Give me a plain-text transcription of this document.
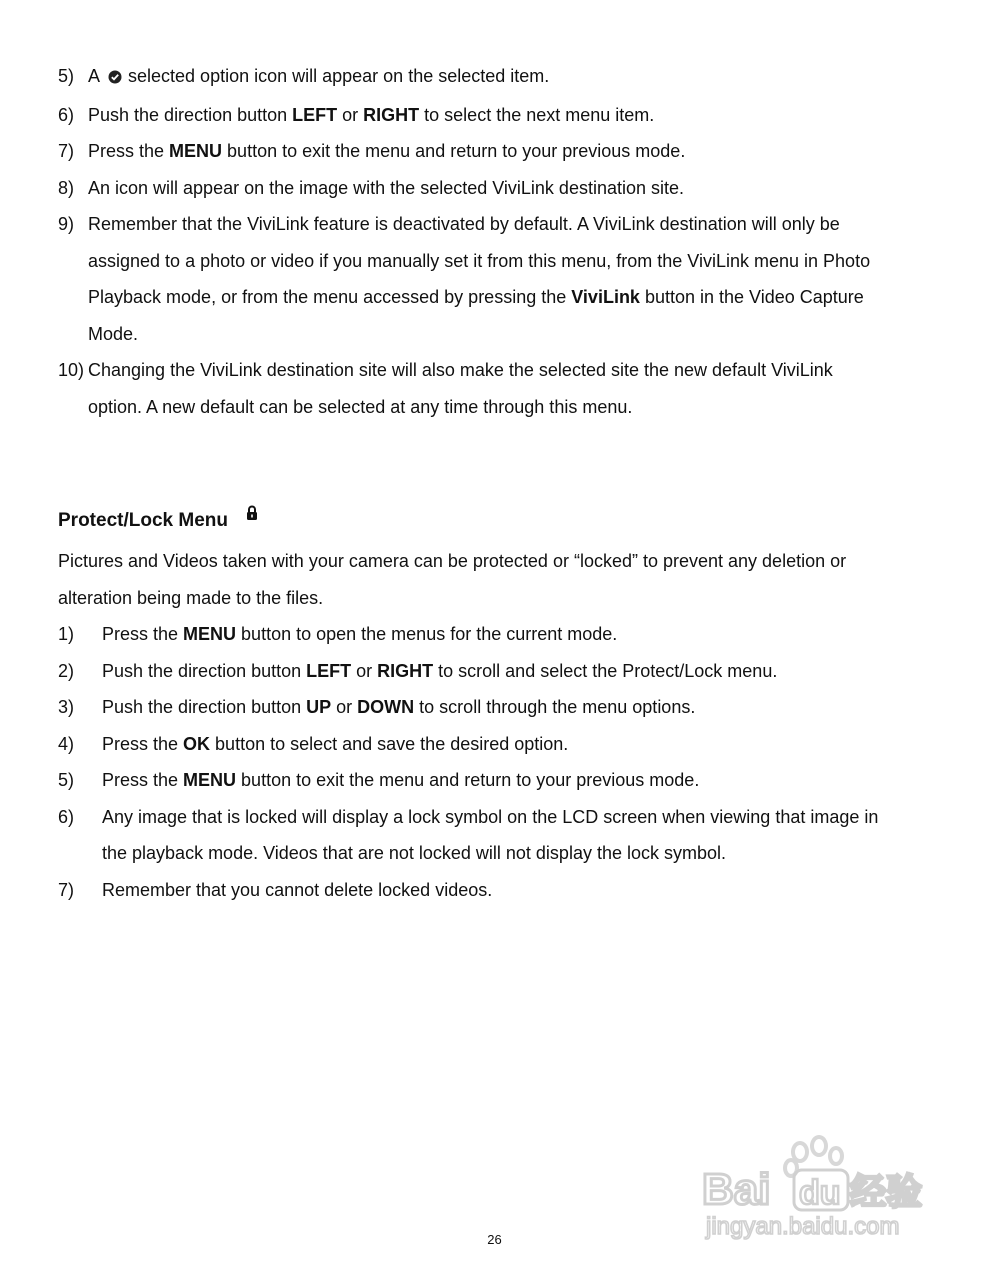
5) A selected option icon will appear on the selected item.
6) Push the direction button LEFT or RIGHT to select the next menu item.
7) Press the MENU button to exit the menu and return to your previous mode.
8) An icon will appear on the image with the selected ViviLink destination site.
9) Remember that the ViviLink feature is deactivated by default. A ViviLink destination will only be
assigned to a photo or video if you manually set it from this menu, from the ViviLink menu in Photo
Playback mode, or from the menu accessed by pressing the ViviLink button in the Video Capture
Mode.
10) Changing the ViviLink destination site will also make the selected site the new default ViviLink
option. A new default can be selected at any time through this menu.
Protect/Lock Menu
Pictures and Videos taken with your camera can be protected or “locked” to prevent any deletion or
alteration being made to the files.
1) Press the MENU button to open the menus for the current mode.
2) Push the direction button LEFT or RIGHT to scroll and select the Protect/Lock menu.
3) Push the direction button UP or DOWN to scroll through the menu options.
4) Press the OK button to select and save the desired option.
5) Press the MENU button to exit the menu and return to your previous mode.
6) Any image that is locked will display a lock symbol on the LCD screen when viewing that image in
the playback mode. Videos that are not locked will not display the lock symbol.
7) Remember that you cannot delete locked videos.
26
Bai 经验
du
jingyan.baidu.com
